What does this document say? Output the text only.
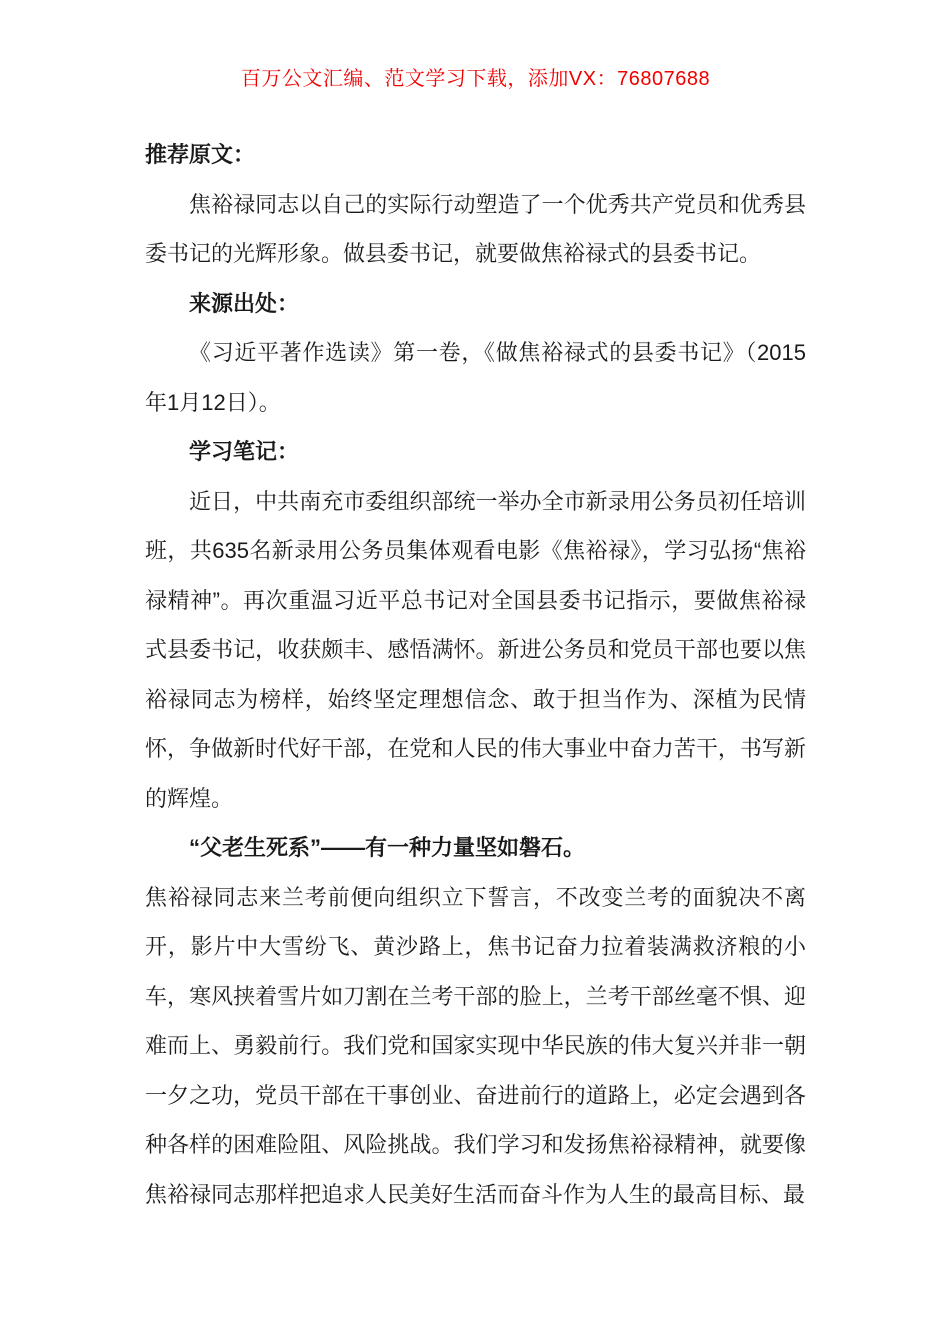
百万公文汇编、范文学习下载，添加VX：76807688

推荐原文：

焦裕禄同志以自己的实际行动塑造了一个优秀共产党员和优秀县委书记的光辉形象。做县委书记，就要做焦裕禄式的县委书记。

来源出处：

《习近平著作选读》第一卷，《做焦裕禄式的县委书记》（2015年1月12日）。

学习笔记：

近日，中共南充市委组织部统一举办全市新录用公务员初任培训班，共635名新录用公务员集体观看电影《焦裕禄》，学习弘扬“焦裕禄精神”。再次重温习近平总书记对全国县委书记指示，要做焦裕禄式县委书记，收获颇丰、感悟满怀。新进公务员和党员干部也要以焦裕禄同志为榜样，始终坚定理想信念、敢于担当作为、深植为民情怀，争做新时代好干部，在党和人民的伟大事业中奋力苦干，书写新的辉煌。

“父老生死系”——有一种力量坚如磐石。

焦裕禄同志来兰考前便向组织立下誓言，不改变兰考的面貌决不离开，影片中大雪纷飞、黄沙路上，焦书记奋力拉着装满救济粮的小车，寒风挟着雪片如刀割在兰考干部的脸上，兰考干部丝毫不惧、迎难而上、勇毅前行。我们党和国家实现中华民族的伟大复兴并非一朝一夕之功，党员干部在干事创业、奋进前行的道路上，必定会遇到各种各样的困难险阻、风险挑战。我们学习和发扬焦裕禄精神，就要像焦裕禄同志那样把追求人民美好生活而奋斗作为人生的最高目标、最
